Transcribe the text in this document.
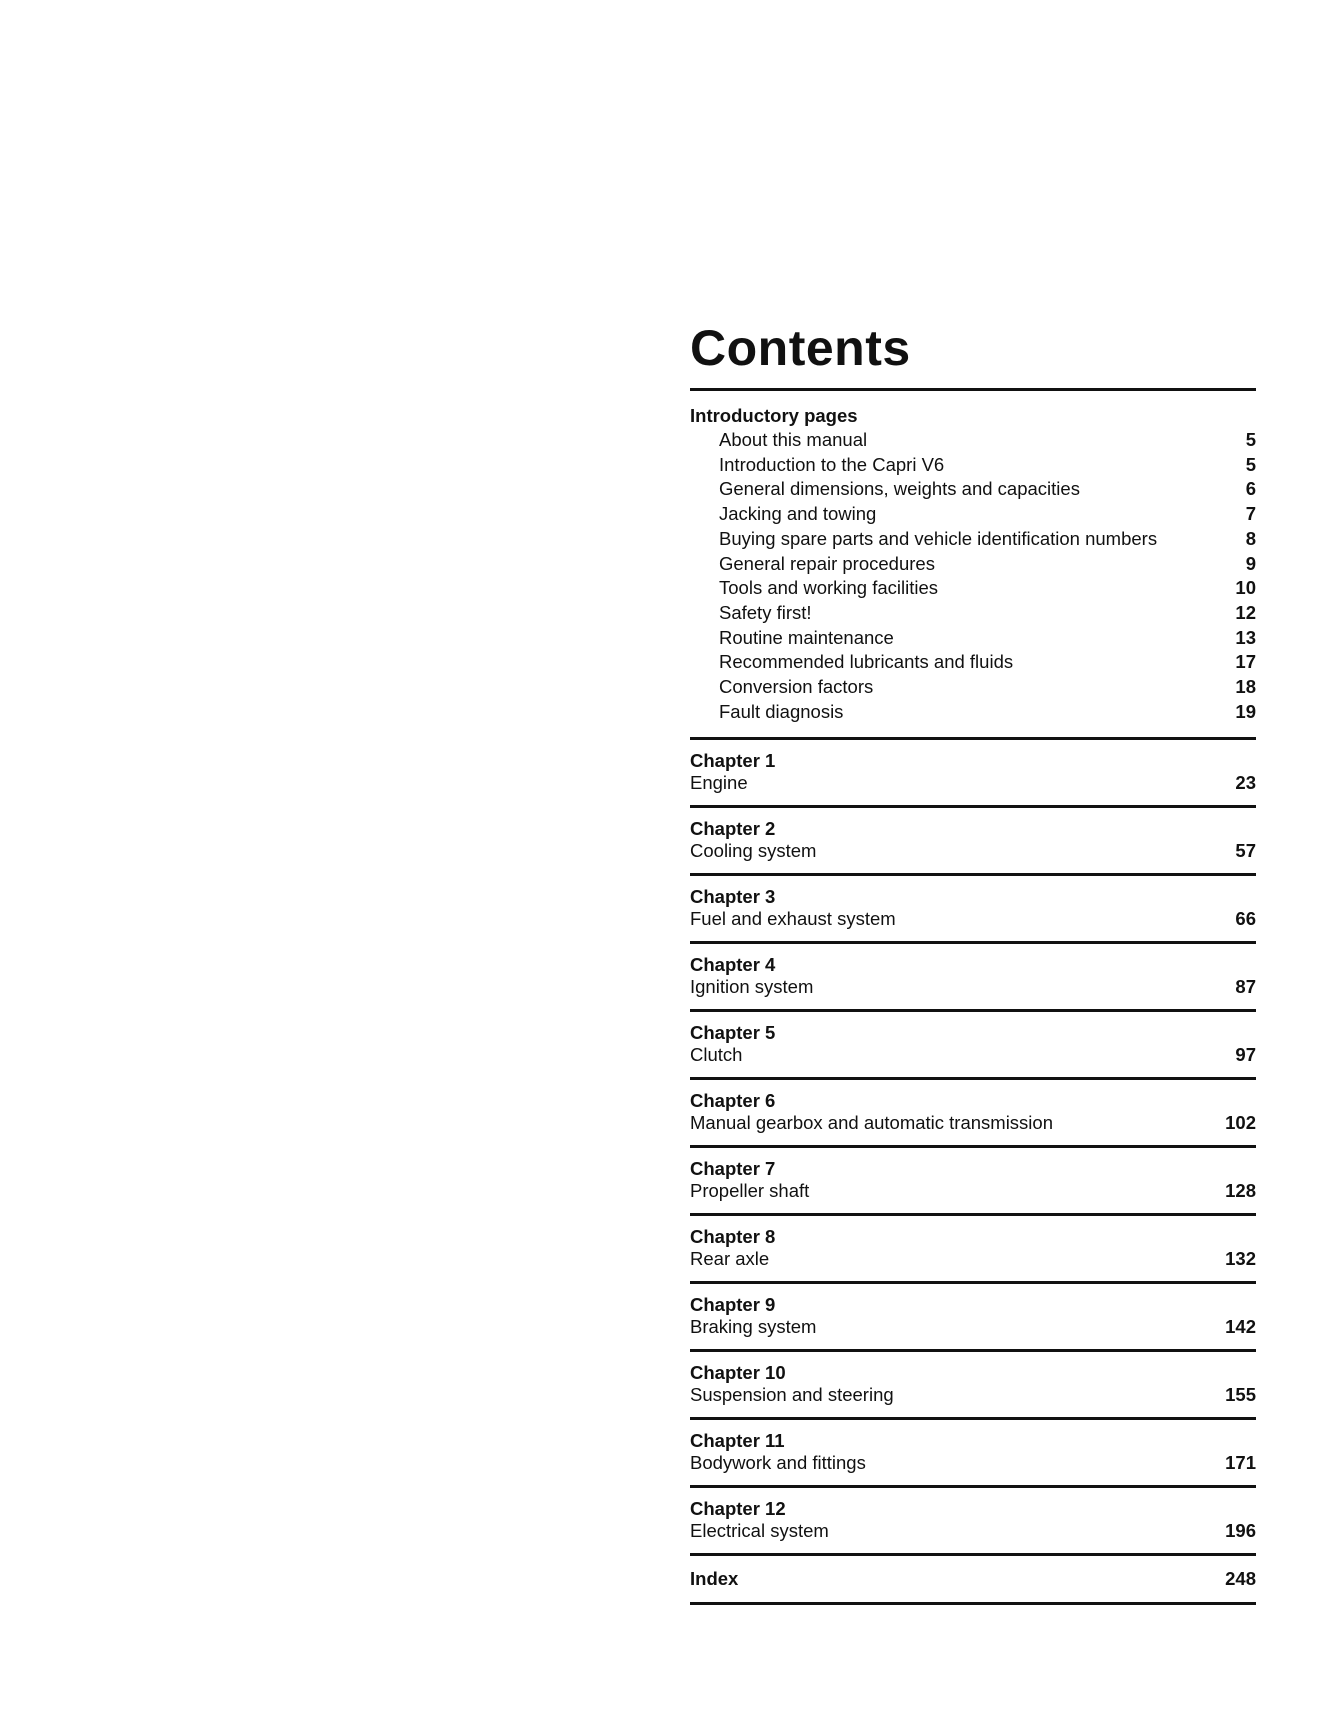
Contents
Introductory pages
About this manual	5
Introduction to the Capri V6	5
General dimensions, weights and capacities	6
Jacking and towing	7
Buying spare parts and vehicle identification numbers	8
General repair procedures	9
Tools and working facilities	10
Safety first!	12
Routine maintenance	13
Recommended lubricants and fluids	17
Conversion factors	18
Fault diagnosis	19
Chapter 1
Engine	23
Chapter 2
Cooling system	57
Chapter 3
Fuel and exhaust system	66
Chapter 4
Ignition system	87
Chapter 5
Clutch	97
Chapter 6
Manual gearbox and automatic transmission	102
Chapter 7
Propeller shaft	128
Chapter 8
Rear axle	132
Chapter 9
Braking system	142
Chapter 10
Suspension and steering	155
Chapter 11
Bodywork and fittings	171
Chapter 12
Electrical system	196
Index	248
